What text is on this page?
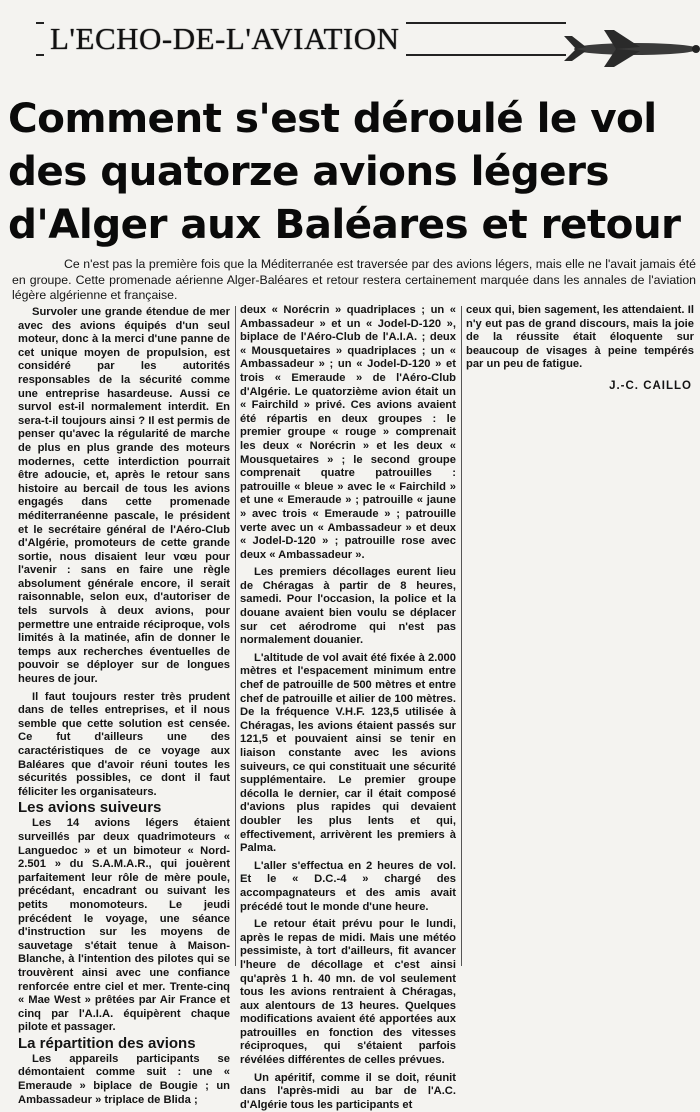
L'ECHO-DE-L'AVIATION
Comment s'est déroulé le vol des quatorze avions légers d'Alger aux Baléares et retour

Ce n'est pas la première fois que la Méditerranée est traversée par des avions légers, mais elle ne l'avait jamais été en groupe. Cette promenade aérienne Alger-Baléares et retour restera certainement marquée dans les annales de l'aviation légère algérienne et française.

Survoler une grande étendue de mer avec des avions équipés d'un seul moteur, donc à la merci d'une panne de cet unique moyen de propulsion, est considéré par les autorités responsables de la sécurité comme une entreprise hasardeuse. Aussi ce survol est-il normalement interdit. En sera-t-il toujours ainsi ? Il est permis de penser qu'avec la régularité de marche de plus en plus grande des moteurs modernes, cette interdiction pourrait être adoucie, et, après le retour sans histoire au bercail de tous les avions engagés dans cette promenade méditerranéenne pascale, le président et le secrétaire général de l'Aéro-Club d'Algérie, promoteurs de cette grande sortie, nous disaient leur vœu pour l'avenir : sans en faire une règle absolument générale encore, il serait raisonnable, selon eux, d'autoriser de tels survols à deux avions, pour permettre une entraide réciproque, vols limités à la matinée, afin de donner le temps aux recherches éventuelles de pouvoir se déployer sur de longues heures de jour.

Il faut toujours rester très prudent dans de telles entreprises, et il nous semble que cette solution est censée. Ce fut d'ailleurs une des caractéristiques de ce voyage aux Baléares que d'avoir réuni toutes les sécurités possibles, ce dont il faut féliciter les organisateurs.

Les avions suiveurs

Les 14 avions légers étaient surveillés par deux quadrimoteurs « Languedoc » et un bimoteur « Nord-2.501 » du S.A.M.A.R., qui jouèrent parfaitement leur rôle de mère poule, précédant, encadrant ou suivant les petits monomoteurs. Le jeudi précédent le voyage, une séance d'instruction sur les moyens de sauvetage s'était tenue à Maison-Blanche, à l'intention des pilotes qui se trouvèrent ainsi avec une confiance renforcée entre ciel et mer. Trente-cinq « Mae West » prêtées par Air France et cinq par l'A.I.A. équipèrent chaque pilote et passager.

La répartition des avions

Les appareils participants se démontaient comme suit : une « Emeraude » biplace de Bougie ; un Ambassadeur » triplace de Blida ;

deux « Norécrin » quadriplaces ; un « Ambassadeur » et un « Jodel-D-120 », biplace de l'Aéro-Club de l'A.I.A. ; deux « Mousquetaires » quadriplaces ; un « Ambassadeur » ; un « Jodel-D-120 » et trois « Emeraude » de l'Aéro-Club d'Algérie. Le quatorzième avion était un « Fairchild » privé. Ces avions avaient été répartis en deux groupes : le premier groupe « rouge » comprenait les deux « Norécrin » et les deux « Mousquetaires » ; le second groupe comprenait quatre patrouilles : patrouille « bleue » avec le « Fairchild » et une « Emeraude » ; patrouille « jaune » avec trois « Emeraude » ; patrouille verte avec un « Ambassadeur » et deux « Jodel-D-120 » ; patrouille rose avec deux « Ambassadeur ».

Les premiers décollages eurent lieu de Chéragas à partir de 8 heures, samedi. Pour l'occasion, la police et la douane avaient bien voulu se déplacer sur cet aérodrome qui n'est pas normalement douanier.

L'altitude de vol avait été fixée à 2.000 mètres et l'espacement minimum entre chef de patrouille de 500 mètres et entre chef de patrouille et ailier de 100 mètres. De la fréquence V.H.F. 123,5 utilisée à Chéragas, les avions étaient passés sur 121,5 et pouvaient ainsi se tenir en liaison constante avec les avions suiveurs, ce qui constituait une sécurité supplémentaire. Le premier groupe décolla le dernier, car il était composé d'avions plus rapides qui devaient doubler les plus lents et qui, effectivement, arrivèrent les premiers à Palma.

L'aller s'effectua en 2 heures de vol. Et le « D.C.-4 » chargé des accompagnateurs et des amis avait précédé tout le monde d'une heure.

Le retour était prévu pour le lundi, après le repas de midi. Mais une météo pessimiste, à tort d'ailleurs, fit avancer l'heure de décollage et c'est ainsi qu'après 1 h. 40 mn. de vol seulement tous les avions rentraient à Chéragas, aux alentours de 13 heures. Quelques modifications avaient été apportées aux patrouilles en fonction des vitesses réciproques, qui s'étaient parfois révélées différentes de celles prévues.

Un apéritif, comme il se doit, réunit dans l'après-midi au bar de l'A.C. d'Algérie tous les participants et

ceux qui, bien sagement, les attendaient. Il n'y eut pas de grand discours, mais la joie de la réussite était éloquente sur beaucoup de visages à peine tempérés par un peu de fatigue.

J.-C. CAILLO
